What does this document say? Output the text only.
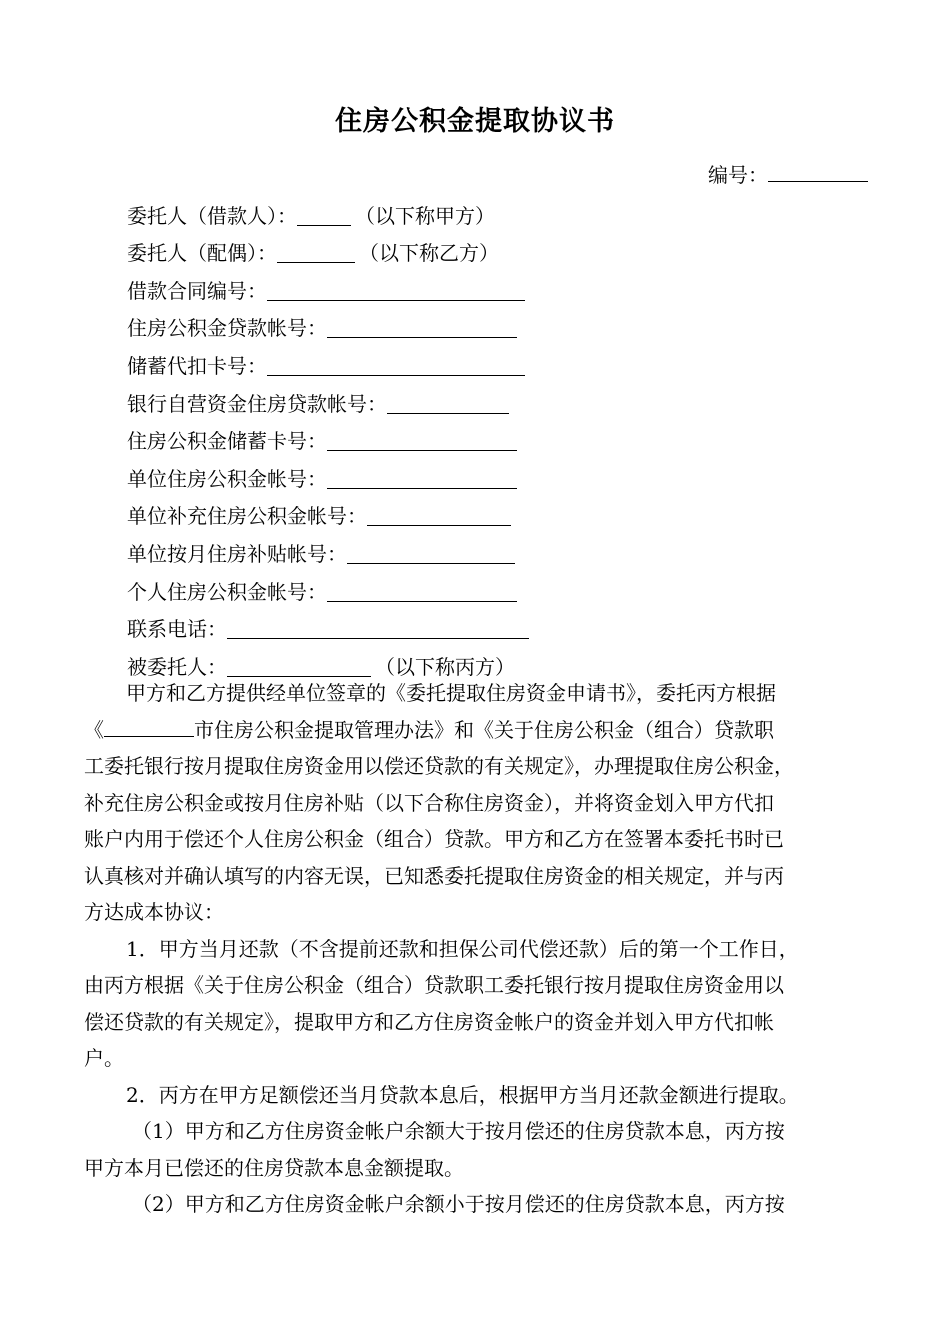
住房公积金提取协议书
编号：
委托人（借款人）：	（以下称甲方）
委托人（配偶）：	（以下称乙方）
借款合同编号：
住房公积金贷款帐号：
储蓄代扣卡号：
银行自营资金住房贷款帐号：
住房公积金储蓄卡号：
单位住房公积金帐号：
单位补充住房公积金帐号：
单位按月住房补贴帐号：
个人住房公积金帐号：
联系电话：
被委托人：	（以下称丙方）
甲方和乙方提供经单位签章的《委托提取住房资金申请书》，委托丙方根据
《	市住房公积金提取管理办法》和《关于住房公积金（组合）贷款职
工委托银行按月提取住房资金用以偿还贷款的有关规定》，办理提取住房公积金，
补充住房公积金或按月住房补贴（以下合称住房资金），并将资金划入甲方代扣
账户内用于偿还个人住房公积金（组合）贷款。甲方和乙方在签署本委托书时已
认真核对并确认填写的内容无误，已知悉委托提取住房资金的相关规定，并与丙
方达成本协议：
1．甲方当月还款（不含提前还款和担保公司代偿还款）后的第一个工作日，
由丙方根据《关于住房公积金（组合）贷款职工委托银行按月提取住房资金用以
偿还贷款的有关规定》，提取甲方和乙方住房资金帐户的资金并划入甲方代扣帐
户。
2．丙方在甲方足额偿还当月贷款本息后，根据甲方当月还款金额进行提取。
（1）甲方和乙方住房资金帐户余额大于按月偿还的住房贷款本息，丙方按
甲方本月已偿还的住房贷款本息金额提取。
（2）甲方和乙方住房资金帐户余额小于按月偿还的住房贷款本息，丙方按
